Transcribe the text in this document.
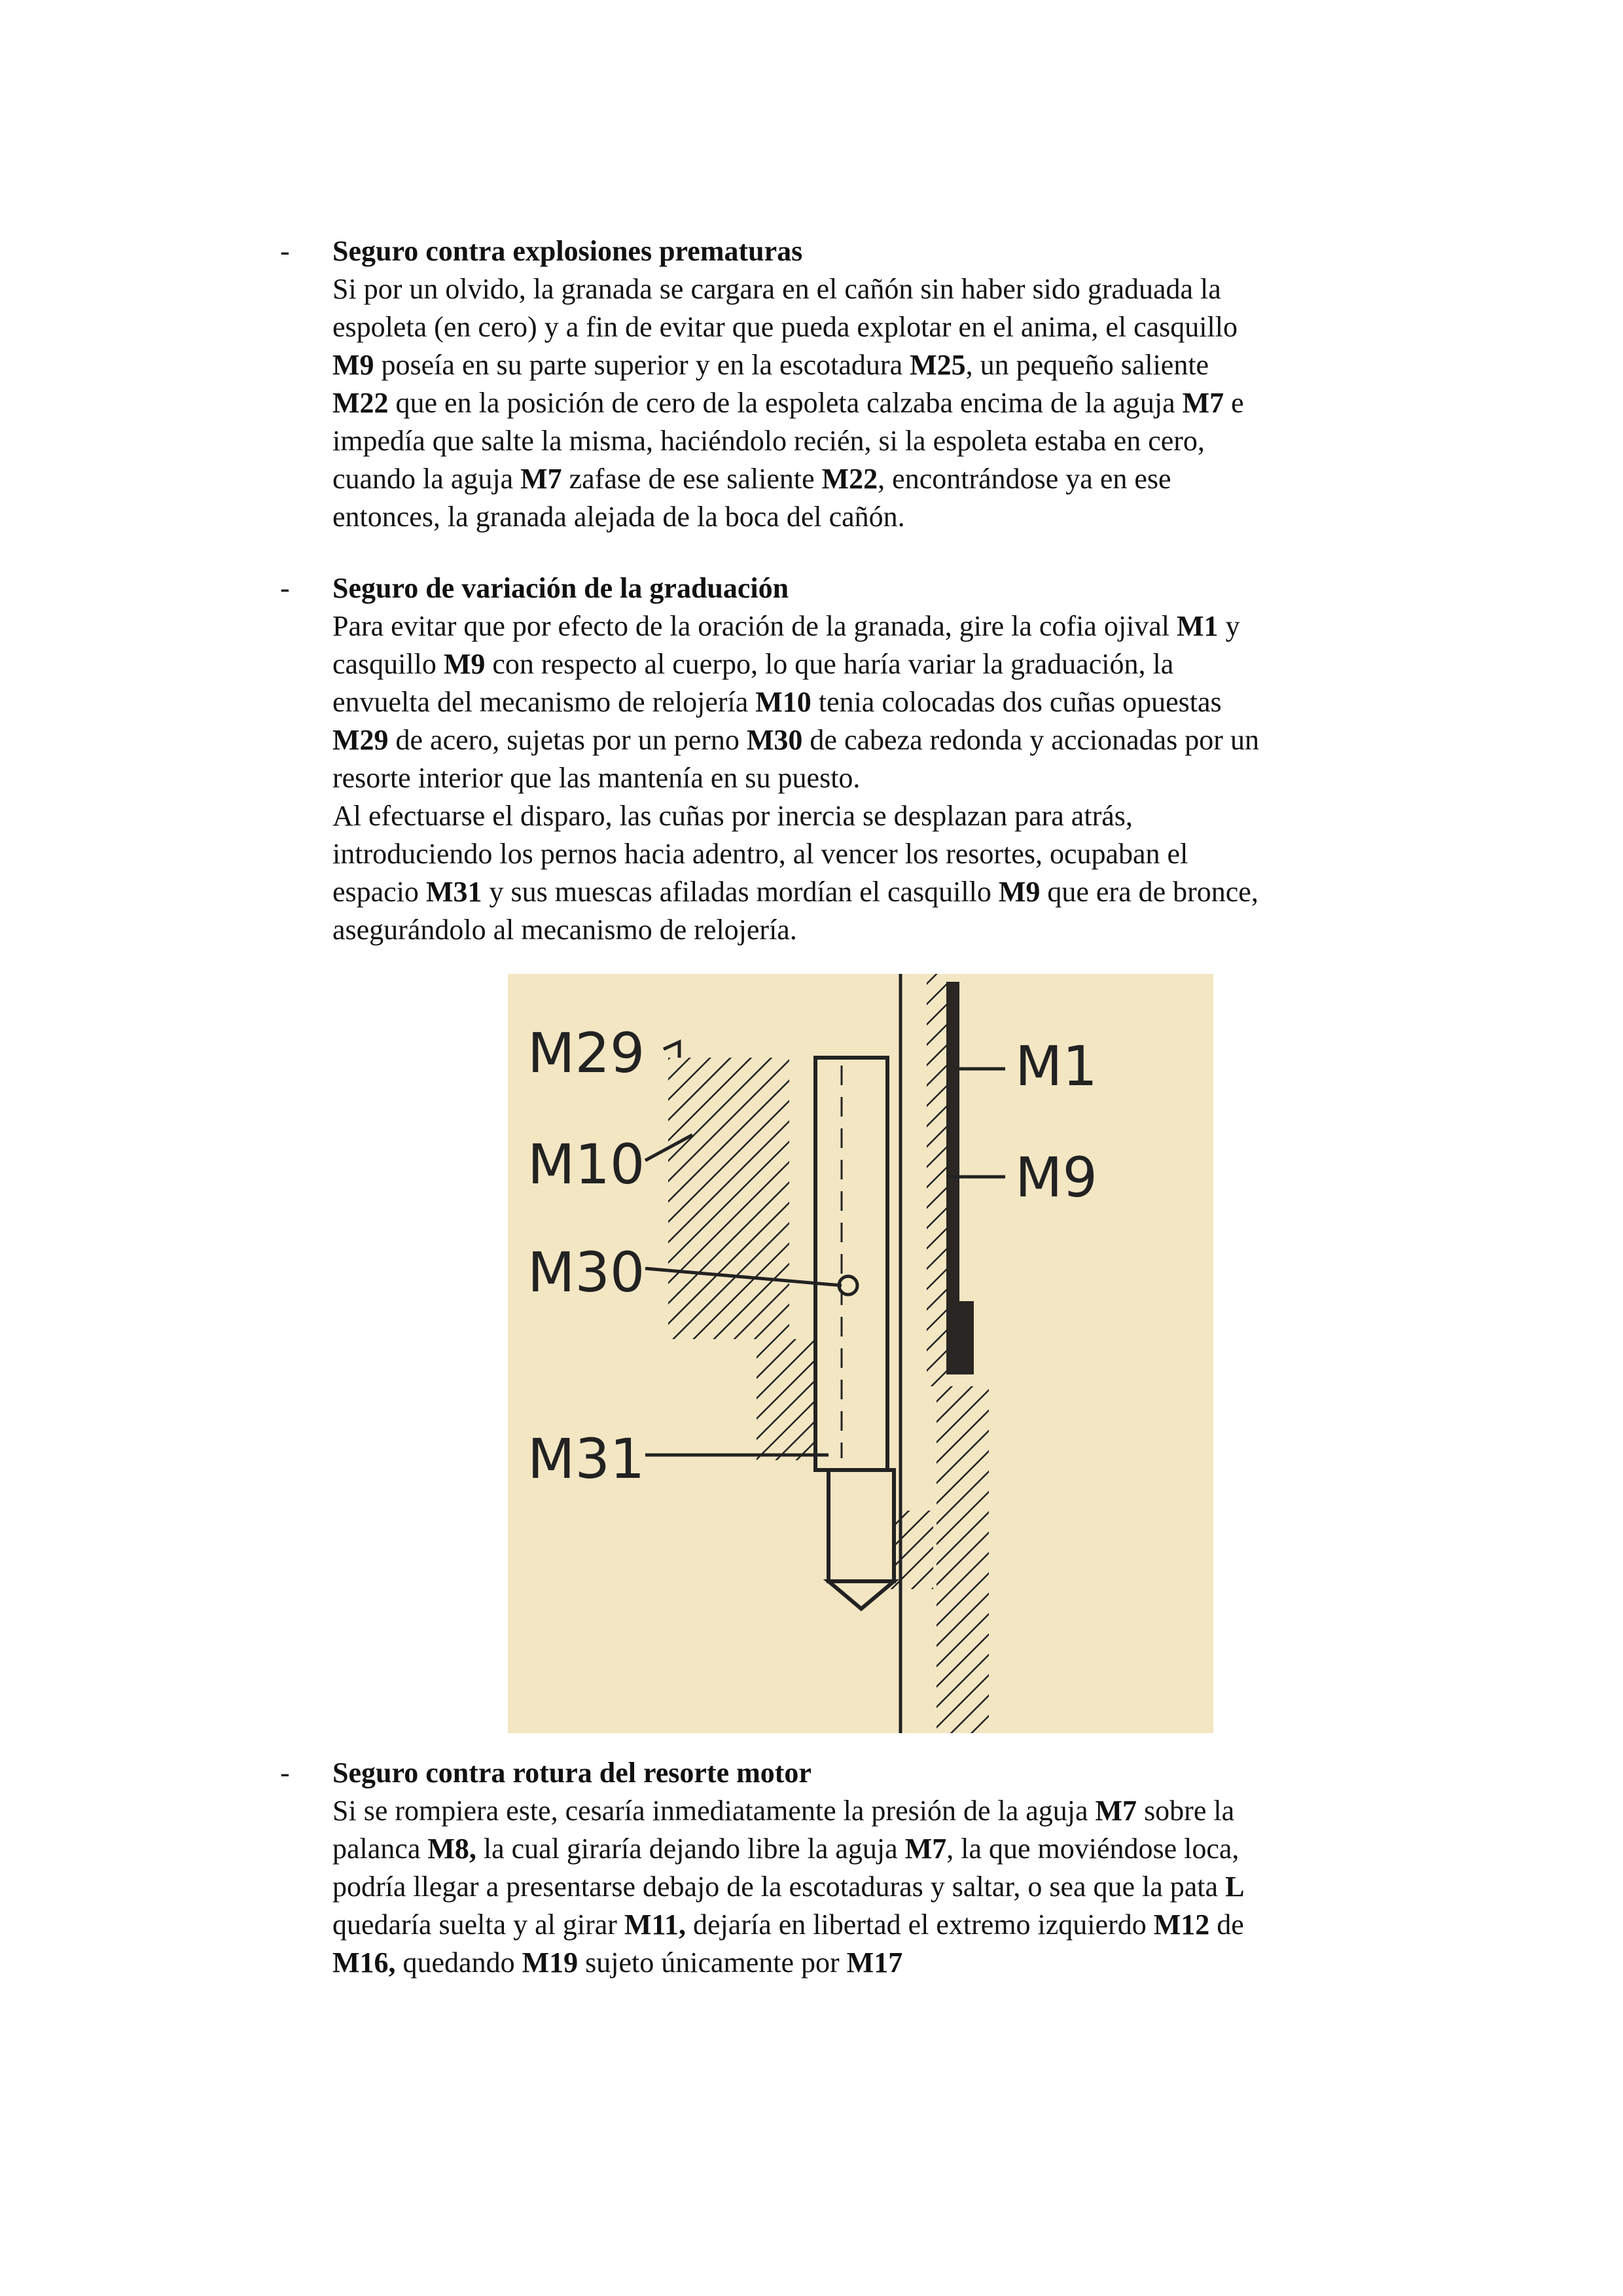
- Seguro contra explosiones prematuras
Si por un olvido, la granada se cargara en el cañón sin haber sido graduada la
espoleta (en cero) y a fin de evitar que pueda explotar en el anima, el casquillo
M9 poseía en su parte superior y en la escotadura M25, un pequeño saliente
M22 que en la posición de cero de la espoleta calzaba encima de la aguja M7 e
impedía que salte la misma, haciéndolo recién, si la espoleta estaba en cero,
cuando la aguja M7 zafase de ese saliente M22, encontrándose ya en ese
entonces, la granada alejada de la boca del cañón.
- Seguro de variación de la graduación
Para evitar que por efecto de la oración de la granada, gire la cofia ojival M1 y
casquillo M9 con respecto al cuerpo, lo que haría variar la graduación, la
envuelta del mecanismo de relojería M10 tenia colocadas dos cuñas opuestas
M29 de acero, sujetas por un perno M30 de cabeza redonda y accionadas por un
resorte interior que las mantenía en su puesto.
Al efectuarse el disparo, las cuñas por inercia se desplazan para atrás,
introduciendo los pernos hacia adentro, al vencer los resortes, ocupaban el
espacio M31 y sus muescas afiladas mordían el casquillo M9 que era de bronce,
asegurándolo al mecanismo de relojería.
M29
M10
M30
M31
M1
M9
- Seguro contra rotura del resorte motor
Si se rompiera este, cesaría inmediatamente la presión de la aguja M7 sobre la
palanca M8, la cual giraría dejando libre la aguja M7, la que moviéndose loca,
podría llegar a presentarse debajo de la escotaduras y saltar, o sea que la pata L
quedaría suelta y al girar M11, dejaría en libertad el extremo izquierdo M12 de
M16, quedando M19 sujeto únicamente por M17
